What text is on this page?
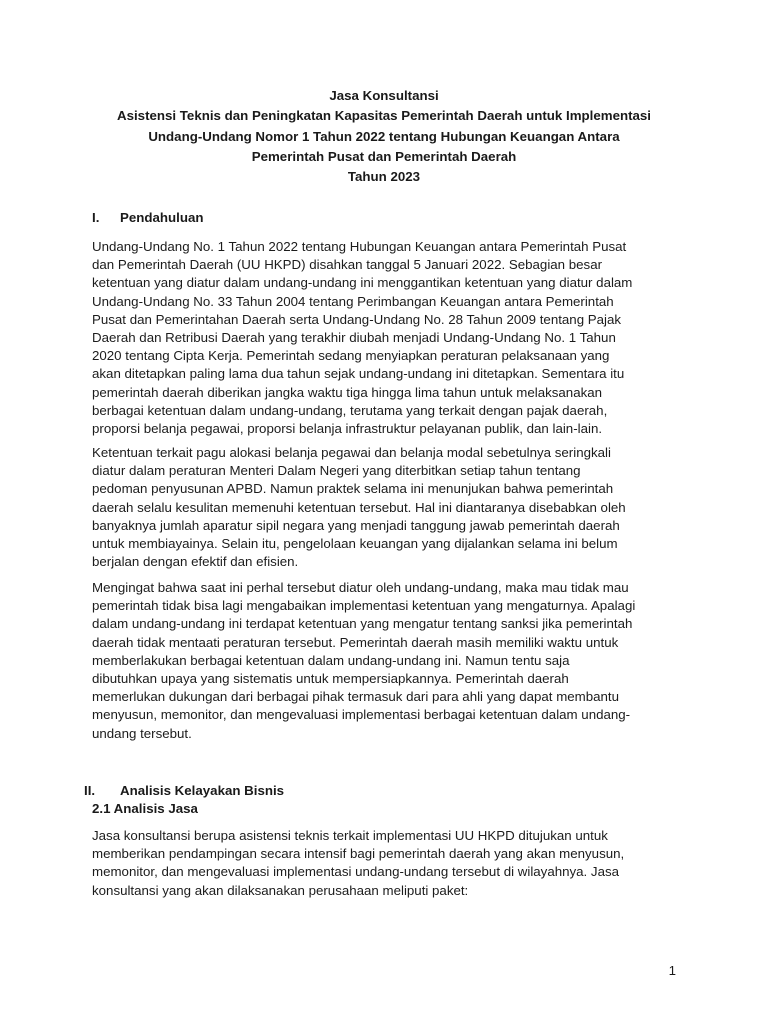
Jasa Konsultansi
Asistensi Teknis dan Peningkatan Kapasitas Pemerintah Daerah untuk Implementasi
Undang-Undang Nomor 1 Tahun 2022 tentang Hubungan Keuangan Antara
Pemerintah Pusat dan Pemerintah Daerah
Tahun 2023
I. Pendahuluan
Undang-Undang No. 1 Tahun 2022 tentang Hubungan Keuangan antara Pemerintah Pusat
dan Pemerintah Daerah (UU HKPD) disahkan tanggal 5 Januari 2022. Sebagian besar
ketentuan yang diatur dalam undang-undang ini menggantikan ketentuan yang diatur dalam
Undang-Undang No. 33 Tahun 2004 tentang Perimbangan Keuangan antara Pemerintah
Pusat dan Pemerintahan Daerah serta Undang-Undang No. 28 Tahun 2009 tentang Pajak
Daerah dan Retribusi Daerah yang terakhir diubah menjadi Undang-Undang No. 1 Tahun
2020 tentang Cipta Kerja. Pemerintah sedang menyiapkan peraturan pelaksanaan yang
akan ditetapkan paling lama dua tahun sejak undang-undang ini ditetapkan. Sementara itu
pemerintah daerah diberikan jangka waktu tiga hingga lima tahun untuk melaksanakan
berbagai ketentuan dalam undang-undang, terutama yang terkait dengan pajak daerah,
proporsi belanja pegawai, proporsi belanja infrastruktur pelayanan publik, dan lain-lain.
Ketentuan terkait pagu alokasi belanja pegawai dan belanja modal sebetulnya seringkali
diatur dalam peraturan Menteri Dalam Negeri yang diterbitkan setiap tahun tentang
pedoman penyusunan APBD. Namun praktek selama ini menunjukan bahwa pemerintah
daerah selalu kesulitan memenuhi ketentuan tersebut. Hal ini diantaranya disebabkan oleh
banyaknya jumlah aparatur sipil negara yang menjadi tanggung jawab pemerintah daerah
untuk membiayainya. Selain itu, pengelolaan keuangan yang dijalankan selama ini belum
berjalan dengan efektif dan efisien.
Mengingat bahwa saat ini perhal tersebut diatur oleh undang-undang, maka mau tidak mau
pemerintah tidak bisa lagi mengabaikan implementasi ketentuan yang mengaturnya. Apalagi
dalam undang-undang ini terdapat ketentuan yang mengatur tentang sanksi jika pemerintah
daerah tidak mentaati peraturan tersebut. Pemerintah daerah masih memiliki waktu untuk
memberlakukan berbagai ketentuan dalam undang-undang ini. Namun tentu saja
dibutuhkan upaya yang sistematis untuk mempersiapkannya. Pemerintah daerah
memerlukan dukungan dari berbagai pihak termasuk dari para ahli yang dapat membantu
menyusun, memonitor, dan mengevaluasi implementasi berbagai ketentuan dalam undang-
undang tersebut.
II. Analisis Kelayakan Bisnis
2.1 Analisis Jasa
Jasa konsultansi berupa asistensi teknis terkait implementasi UU HKPD ditujukan untuk
memberikan pendampingan secara intensif bagi pemerintah daerah yang akan menyusun,
memonitor, dan mengevaluasi implementasi undang-undang tersebut di wilayahnya. Jasa
konsultansi yang akan dilaksanakan perusahaan meliputi paket:
1
